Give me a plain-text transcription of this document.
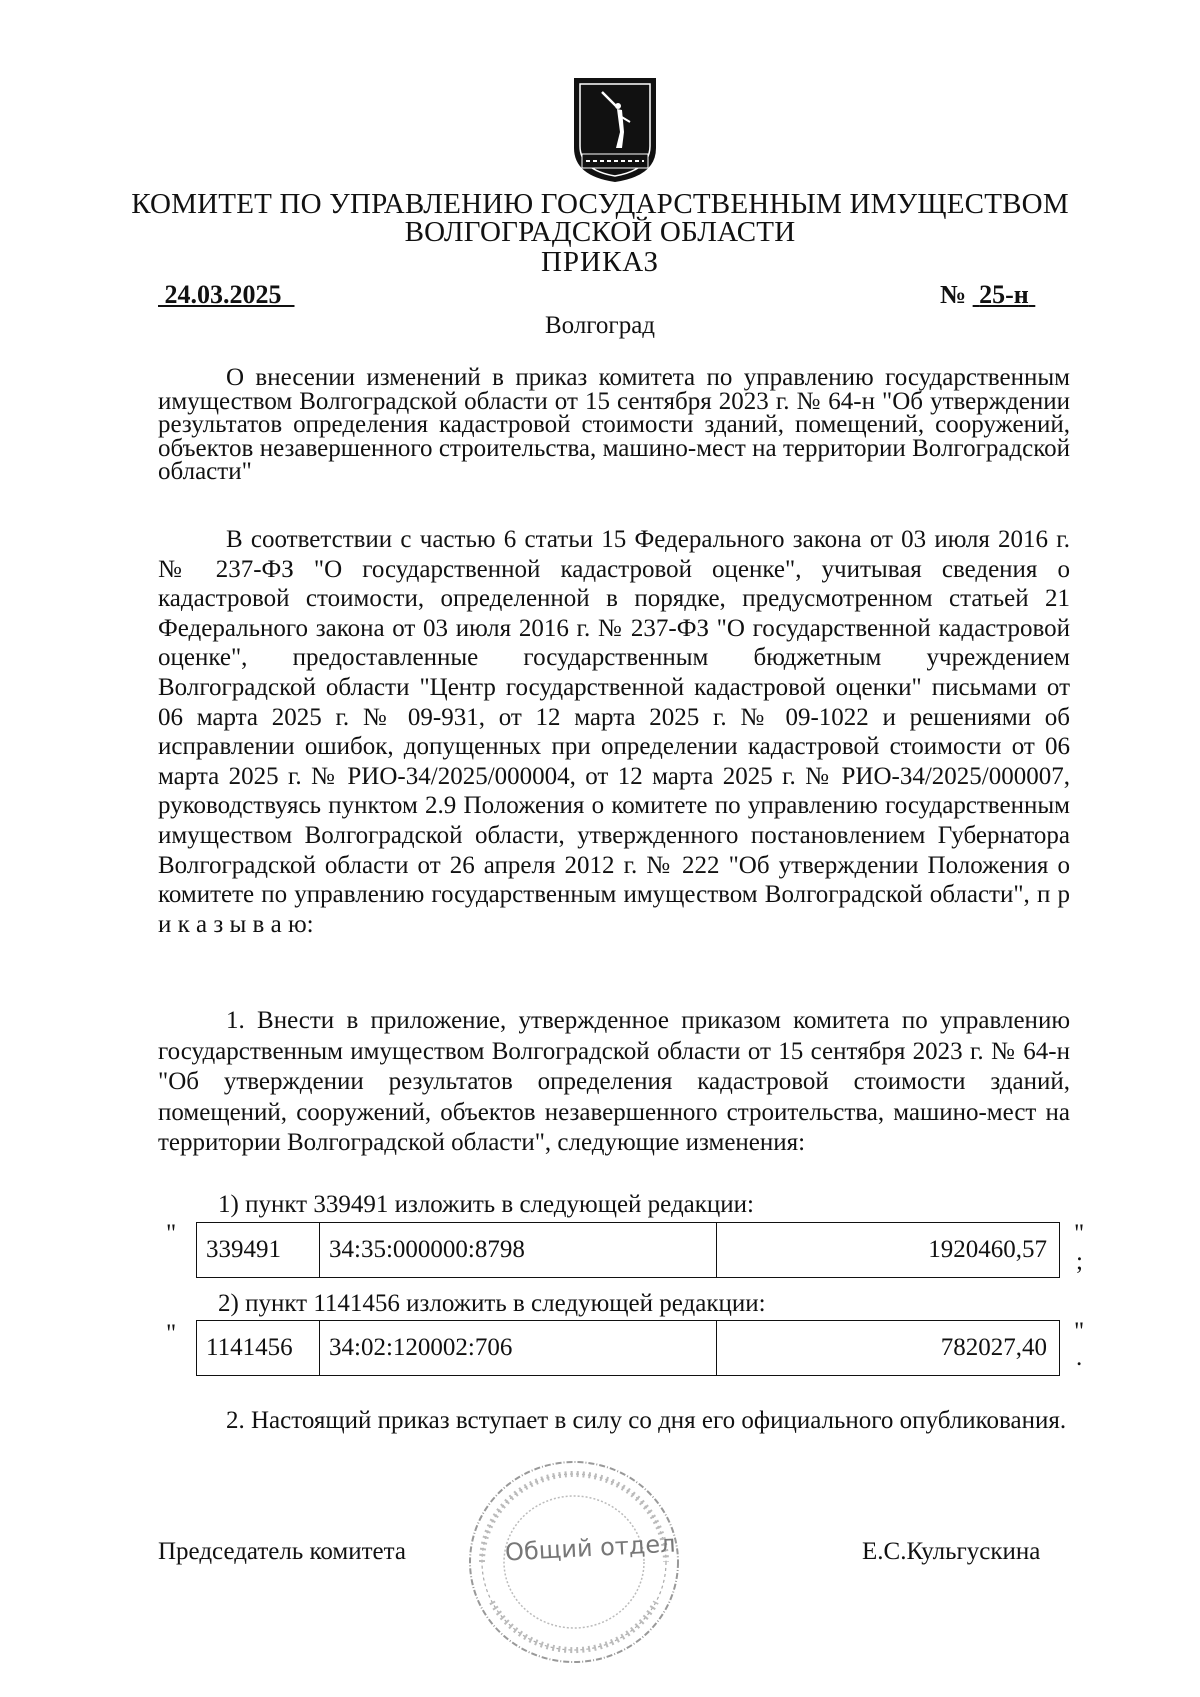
КОМИТЕТ ПО УПРАВЛЕНИЮ ГОСУДАРСТВЕННЫМ ИМУЩЕСТВОМ
ВОЛГОГРАДСКОЙ ОБЛАСТИ
ПРИКАЗ
24.03.2025	№ 25-н
Волгоград
О внесении изменений в приказ комитета по управлению государственным имуществом Волгоградской области от 15 сентября 2023 г. № 64-н "Об утверждении результатов определения кадастровой стоимости зданий, помещений, сооружений, объектов незавершенного строительства, машино-мест на территории Волгоградской области"
В соответствии с частью 6 статьи 15 Федерального закона от 03 июля 2016 г. № 237-ФЗ "О государственной кадастровой оценке", учитывая сведения о кадастровой стоимости, определенной в порядке, предусмотренном статьей 21 Федерального закона от 03 июля 2016 г. № 237-ФЗ "О государственной кадастровой оценке", предоставленные государственным бюджетным учреждением Волгоградской области "Центр государственной кадастровой оценки" письмами от 06 марта 2025 г. № 09-931, от 12 марта 2025 г. № 09-1022 и решениями об исправлении ошибок, допущенных при определении кадастровой стоимости от 06 марта 2025 г. № РИО-34/2025/000004, от 12 марта 2025 г. № РИО-34/2025/000007, руководствуясь пунктом 2.9 Положения о комитете по управлению государственным имуществом Волгоградской области, утвержденного постановлением Губернатора Волгоградской области от 26 апреля 2012 г. № 222 "Об утверждении Положения о комитете по управлению государственным имуществом Волгоградской области", п р и к а з ы в а ю:
1. Внести в приложение, утвержденное приказом комитета по управлению государственным имуществом Волгоградской области от 15 сентября 2023 г. № 64-н "Об утверждении результатов определения кадастровой стоимости зданий, помещений, сооружений, объектов незавершенного строительства, машино-мест на территории Волгоградской области", следующие изменения:
1) пункт 339491 изложить в следующей редакции:
"
339491	34:35:000000:8798	1920460,57
"
;
2) пункт 1141456 изложить в следующей редакции:
"
1141456	34:02:120002:706	782027,40
"
.
2. Настоящий приказ вступает в силу со дня его официального опубликования.
Общий отдел
Председатель комитета	Е.С.Кульгускина
